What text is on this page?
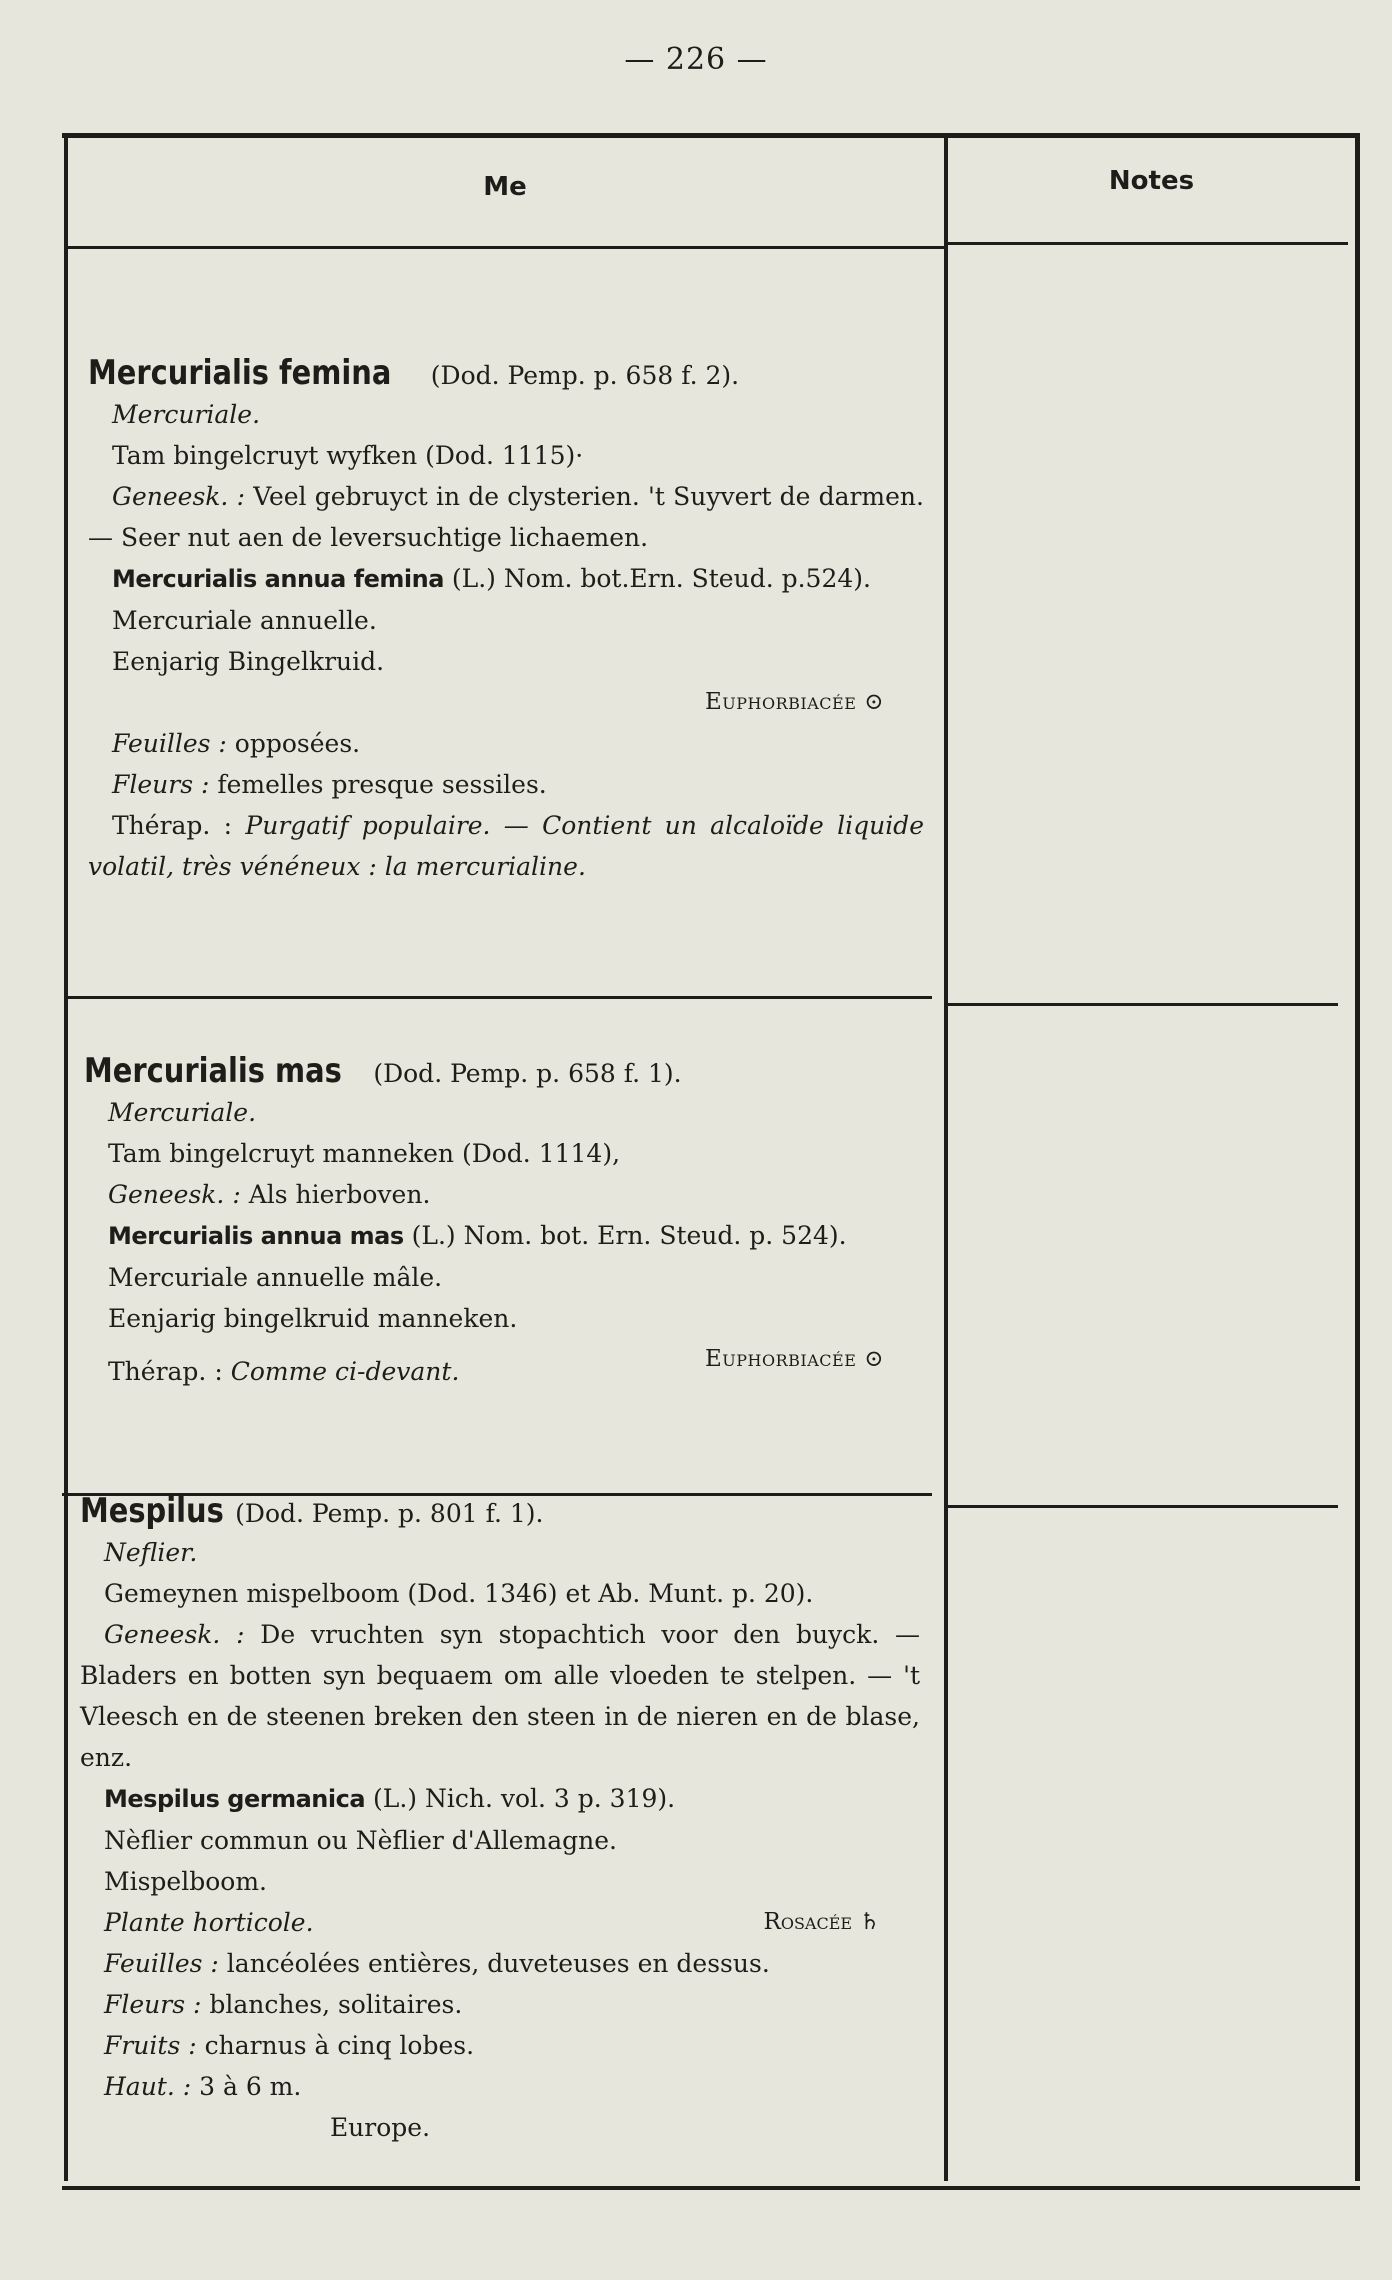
— 226 —
Me	Notes
Mercurialis femina (Dod. Pemp. p. 658 f. 2).
Mercuriale.
Tam bingelcruyt wyfken (Dod. 1115)·
Geneesk. : Veel gebruyct in de clysterien. 't Suyvert de darmen. — Seer nut aen de leversuchtige lichaemen.
Mercurialis annua femina (L.) Nom. bot.Ern. Steud. p.524).
Mercuriale annuelle.
Eenjarig Bingelkruid.
Euphorbiacée ⊙
Feuilles : opposées.
Fleurs : femelles presque sessiles.
Thérap. : Purgatif populaire. — Contient un alcaloïde liquide volatil, très vénéneux : la mercurialine.
Mercurialis mas (Dod. Pemp. p. 658 f. 1).
Mercuriale.
Tam bingelcruyt manneken (Dod. 1114),
Geneesk. : Als hierboven.
Mercurialis annua mas (L.) Nom. bot. Ern. Steud. p. 524).
Mercuriale annuelle mâle.
Eenjarig bingelkruid manneken.
Euphorbiacée ⊙
Thérap. : Comme ci-devant.
Mespilus (Dod. Pemp. p. 801 f. 1).
Neflier.
Gemeynen mispelboom (Dod. 1346) et Ab. Munt. p. 20).
Geneesk. : De vruchten syn stopachtich voor den buyck. — Bladers en botten syn bequaem om alle vloeden te stelpen. — 't Vleesch en de steenen breken den steen in de nieren en de blase, enz.
Mespilus germanica (L.) Nich. vol. 3 p. 319).
Nèflier commun ou Nèflier d'Allemagne.
Mispelboom.
Plante horticole.	Rosacée ♄
Feuilles : lancéolées entières, duveteuses en dessus.
Fleurs : blanches, solitaires.
Fruits : charnus à cinq lobes.
Haut. : 3 à 6 m.
Europe.
